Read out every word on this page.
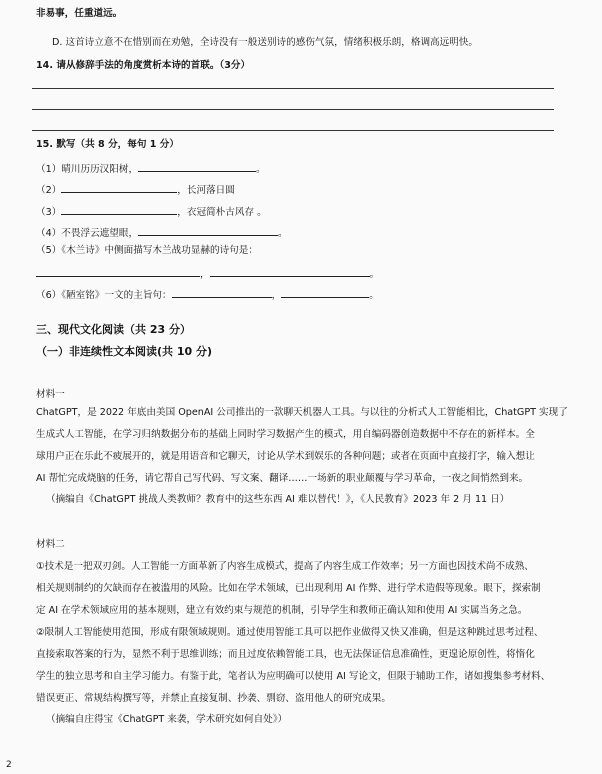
非易事，任重道远。
D. 这首诗立意不在惜别而在劝勉，全诗没有一般送别诗的感伤气氛，情绪积极乐朗，格调高远明快。
14. 请从修辞手法的角度赏析本诗的首联。（3分）
15. 默写（共 8 分，每句 1 分）
（1）晴川历历汉阳树，	。
（2）	，长河落日圆
（3）	，衣冠简朴古风存 。
（4）不畏浮云遮望眼，	。
（5）《木兰诗》中侧面描写木兰战功显赫的诗句是：
，	。
（6）《陋室铭》一文的主旨句：	，	。
三、现代文化阅读（共 23 分）
（一）非连续性文本阅读(共 10 分)
材料一
ChatGPT，是 2022 年底由美国 OpenAI 公司推出的一款聊天机器人工具。与以往的分析式人工智能相比，ChatGPT 实现了
生成式人工智能，在学习归纳数据分布的基础上同时学习数据产生的模式，用自编码器创造数据中不存在的新样本。全
球用户正在乐此不疲展开的，就是用语音和它聊天，讨论从学术到娱乐的各种问题；或者在页面中直接打字，输入想让
AI 帮忙完成烧脑的任务，请它帮自己写代码、写文案、翻译……一场新的职业颠覆与学习革命，一夜之间悄然到来。
（摘编自《ChatGPT 挑战人类教师？教育中的这些东西 AI 难以替代！》，《人民教育》2023 年 2 月 11 日）
材料二
①技术是一把双刃剑。人工智能一方面革新了内容生成模式，提高了内容生成工作效率；另一方面也因技术尚不成熟、
相关规则制约的欠缺而存在被滥用的风险。比如在学术领域，已出现利用 AI 作弊、进行学术造假等现象。眼下，探索制
定 AI 在学术领域应用的基本规则，建立有效约束与规范的机制，引导学生和教师正确认知和使用 AI 实属当务之急。
②限制人工智能使用范围，形成有限领域规则。通过使用智能工具可以把作业做得又快又准确，但是这种跳过思考过程、
直接索取答案的行为，显然不利于思维训练；而且过度依赖智能工具，也无法保证信息准确性，更遑论原创性，将惰化
学生的独立思考和自主学习能力。有鉴于此，笔者认为应明确可以使用 AI 写论文，但限于辅助工作，诸如搜集参考材料、
错误更正、常规结构撰写等，并禁止直接复制、抄袭、剽窃、盗用他人的研究成果。
（摘编自庄得宝《ChatGPT 来袭，学术研究如何自处》）
2
